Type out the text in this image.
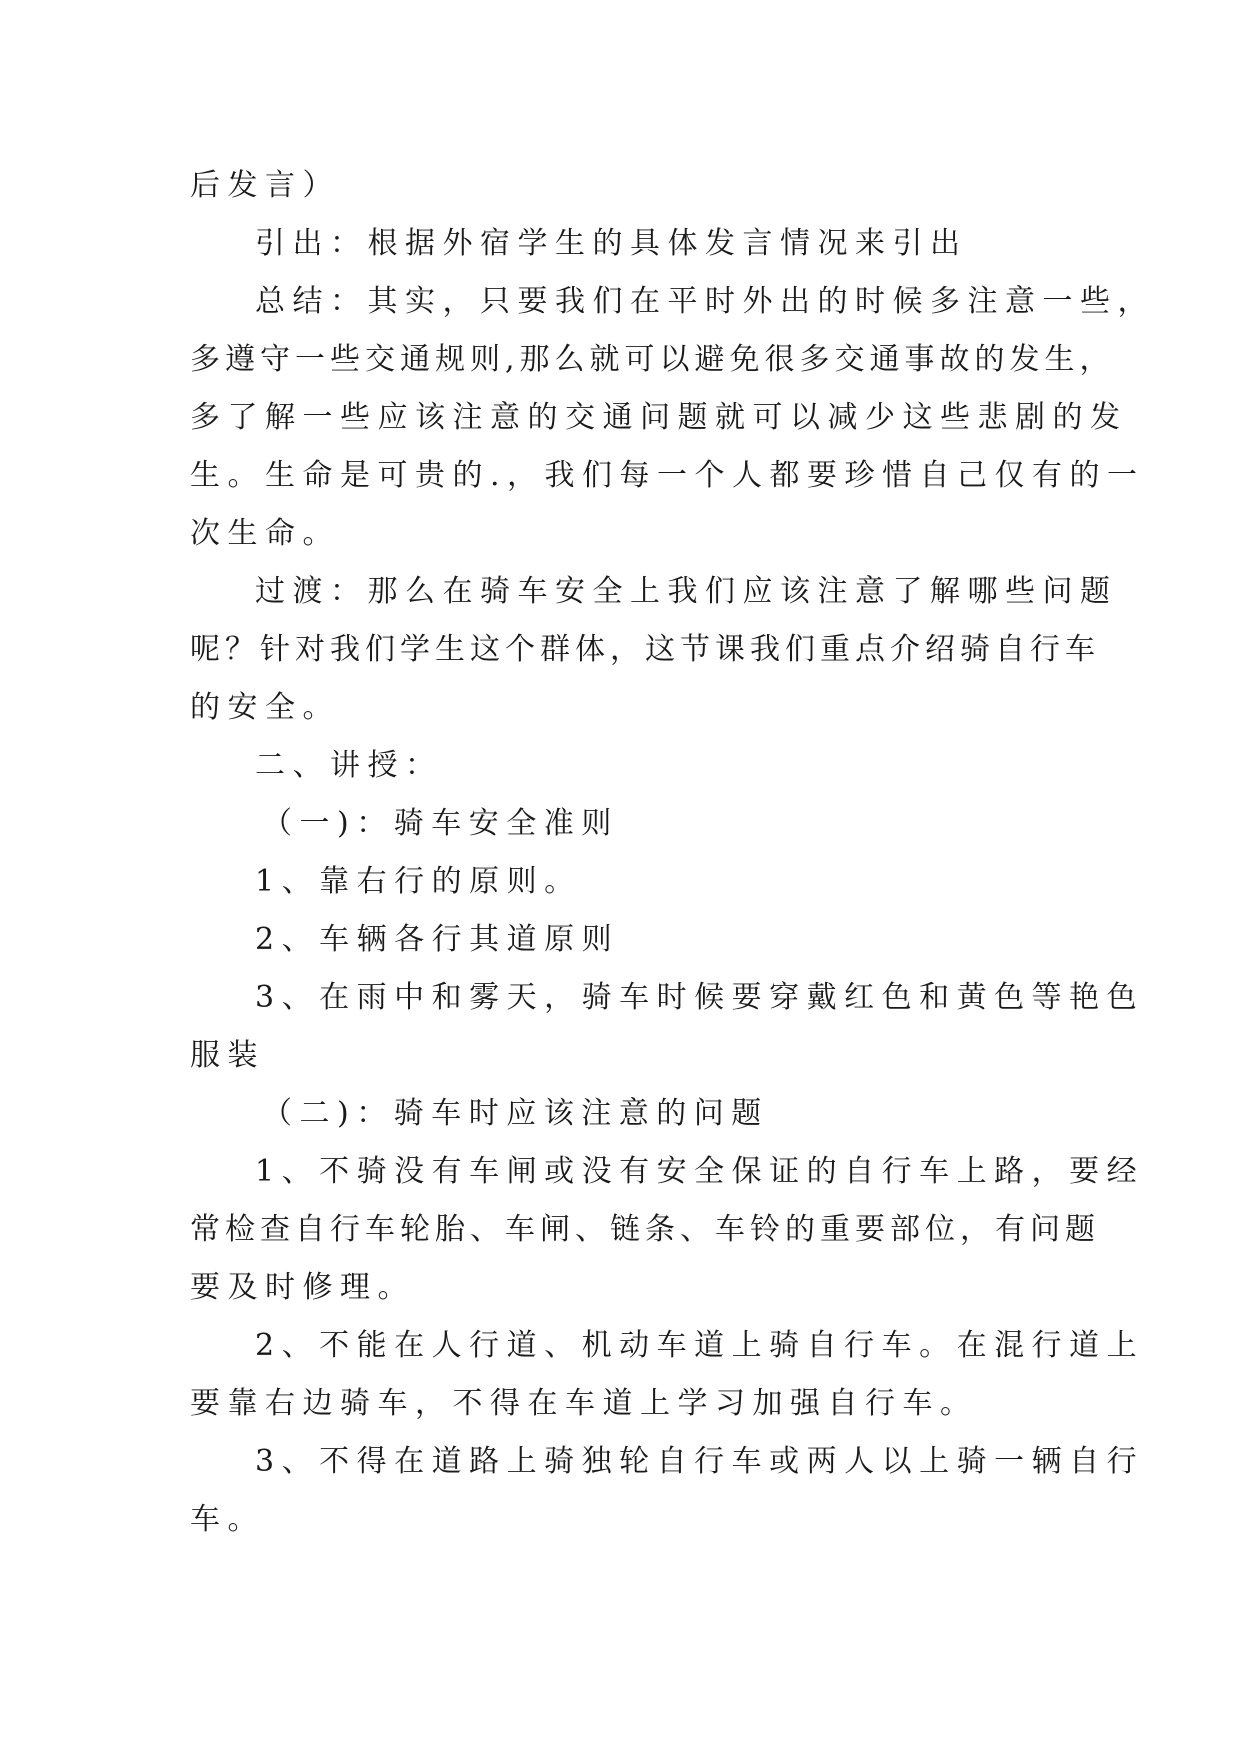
后发言）
引出：根据外宿学生的具体发言情况来引出
总结：其实，只要我们在平时外出的时候多注意一些，
多遵守一些交通规则,那么就可以避免很多交通事故的发生，
多了解一些应该注意的交通问题就可以减少这些悲剧的发
生。生命是可贵的.，我们每一个人都要珍惜自己仅有的一
次生命。
过渡：那么在骑车安全上我们应该注意了解哪些问题
呢？针对我们学生这个群体，这节课我们重点介绍骑自行车
的安全。
二、讲授：
（一)：骑车安全准则
1、靠右行的原则。
2、车辆各行其道原则
3、在雨中和雾天，骑车时候要穿戴红色和黄色等艳色
服装
（二)：骑车时应该注意的问题
1、不骑没有车闸或没有安全保证的自行车上路，要经
常检查自行车轮胎、车闸、链条、车铃的重要部位，有问题
要及时修理。
2、不能在人行道、机动车道上骑自行车。在混行道上
要靠右边骑车，不得在车道上学习加强自行车。
3、不得在道路上骑独轮自行车或两人以上骑一辆自行
车。
